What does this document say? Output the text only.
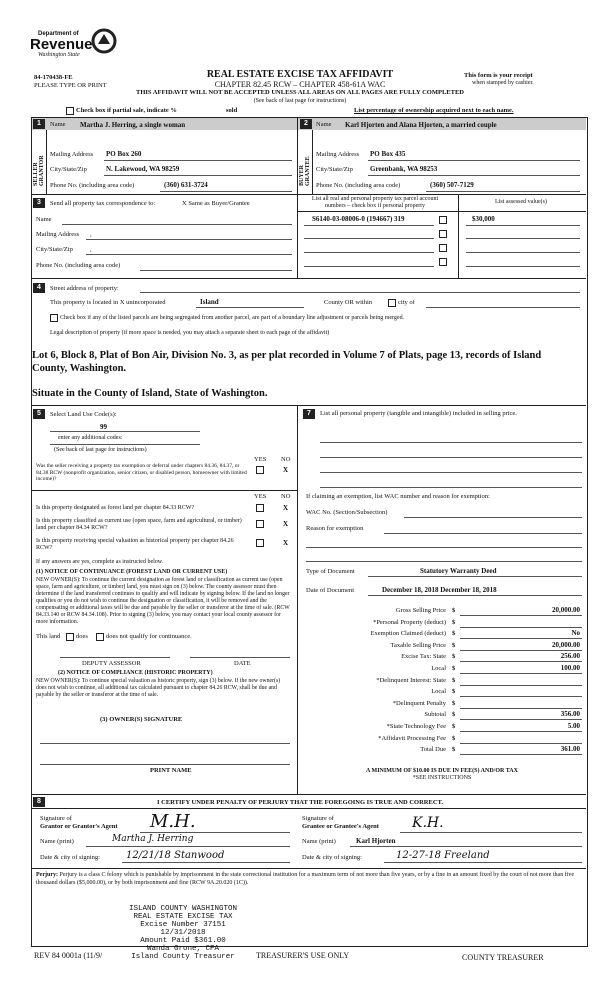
Department of
Revenue
Washington State
84-170438-FE
PLEASE TYPE OR PRINT
REAL ESTATE EXCISE TAX AFFIDAVIT
CHAPTER 82.45 RCW – CHAPTER 458-61A WAC
THIS AFFIDAVIT WILL NOT BE ACCEPTED UNLESS ALL AREAS ON ALL PAGES ARE FULLY COMPLETED
(See back of last page for instructions)
This form is your receipt
when stamped by cashier.
Check box if partial sale, indicate %	sold	List percentage of ownership acquired next to each name.
1	Name Martha J. Herring, a single woman	2	Name Karl Hjorten and Alana Hjorten, a married couple
SELLER GRANTOR
Mailing Address PO Box 260
City/State/Zip	N. Lakewood, WA 98259
Phone No. (including area code)	(360) 631-3724	BUYER GRANTEE
Mailing Address PO Box 435
City/State/Zip Greenbank, WA 98253
Phone No. (including area code)	(360) 507-7129
3	Send all property tax correspondence to:	X Same as Buyer/Grantee
Name
Mailing Address ,
City/State/Zip	,
Phone No. (including area code)
List all real and personal property tax parcel account
numbers – check box if personal property
List assessed value(s)
S6140-03-08006-0 (194667) 319	$30,000
4	Street address of property:
This property is located in X unincorporated	Island	County OR within	city of
Check box if any of the listed parcels are being segregated from another parcel, are part of a boundary line adjustment or parcels being merged.
Legal description of property (if more space is needed, you may attach a separate sheet to each page of the affidavit)
Lot 6, Block 8, Plat of Bon Air, Division No. 3, as per plat recorded in Volume 7 of Plats, page 13, records of Island
County, Washington.
Situate in the County of Island, State of Washington.
5	Select Land Use Code(s):
99
enter any additional codes:
(See back of last page for instructions)
YES NO
Was the seller receiving a property tax exemption or deferral under chapters 84.36, 84.37, or 84.38 RCW (nonprofit organization, senior citizen, or disabled person, homeowner with limited income)?
X
YES NO
Is this property designated as forest land per chapter 84.33 RCW?	X
Is this property classified as current use (open space, farm and agricultural, or timber) land per chapter 84.34 RCW?	X
Is this property receiving special valuation as historical property per chapter 84.26 RCW?
X
If any answers are yes, complete as instructed below.
(1) NOTICE OF CONTINUANCE (FOREST LAND OR CURRENT USE)
NEW OWNER(S): To continue the current designation as forest land or classification as current use (open space, farm and agriculture, or timber) land, you must sign on (3) below. The county assessor must then determine if the land transferred continues to qualify and will indicate by signing below. If the land no longer qualifies or you do not wish to continue the designation or classification, it will be removed and the compensating or additional taxes will be due and payable by the seller or transferor at the time of sale. (RCW 84.33.140 or RCW 84.34.108). Prior to signing (3) below, you may contact your local county assessor for more information.
This land does	does not qualify for continuance.
DEPUTY ASSESSOR	DATE
(2) NOTICE OF COMPLIANCE (HISTORIC PROPERTY)
NEW OWNER(S): To continue special valuation as historic property, sign (3) below. If the new owner(s) does not wish to continue, all additional tax calculated pursuant to chapter 84.26 RCW, shall be due and payable by the seller or transferor at the time of sale.
(3) OWNER(S) SIGNATURE
PRINT NAME
7	List all personal property (tangible and intangible) included in selling price.
If claiming an exemption, list WAC number and reason for exemption:
WAC No. (Section/Subsection)
Reason for exemption
Type of Document	Statutory Warranty Deed
Date of Document	December 18, 2018 December 18, 2018
Gross Selling Price $	20,000.00
*Personal Property (deduct) $
Exemption Claimed (deduct) $	No
Taxable Selling Price $	20,000.00
Excise Tax: State $	256.00
Local $	100.00
*Delinquent Interest: State $
Local $
*Delinquent Penalty $
Subtotal $	356.00
*State Technology Fee $	5.00
*Affidavit Processing Fee $
Total Due $	361.00
A MINIMUM OF $10.00 IS DUE IN FEE(S) AND/OR TAX
*SEE INSTRUCTIONS
8	I CERTIFY UNDER PENALTY OF PERJURY THAT THE FOREGOING IS TRUE AND CORRECT.
Signature of
Grantor or Grantor's Agent M.H.	Signature of
Grantee or Grantee's Agent K.H.
Name (print)	Martha J. Herring	Name (print)	Karl Hjorten
Date & city of signing:	12/21/18 Stanwood	Date & city of signing:	12-27-18 Freeland
Perjury: Perjury is a class C felony which is punishable by imprisonment in the state correctional institution for a maximum term of not more than five years, or by a fine in an amount fixed by the court of not more than five thousand dollars ($5,000.00), or by both imprisonment and fine (RCW 9A.20.020 (1C)).
ISLAND COUNTY WASHINGTON
REAL ESTATE EXCISE TAX
Excise Number 37151
12/31/2018
Amount Paid $361.00
Wanda Grone, CPA
Island County Treasurer
REV 84 0001a (11/9/	TREASURER'S USE ONLY	COUNTY TREASURER
